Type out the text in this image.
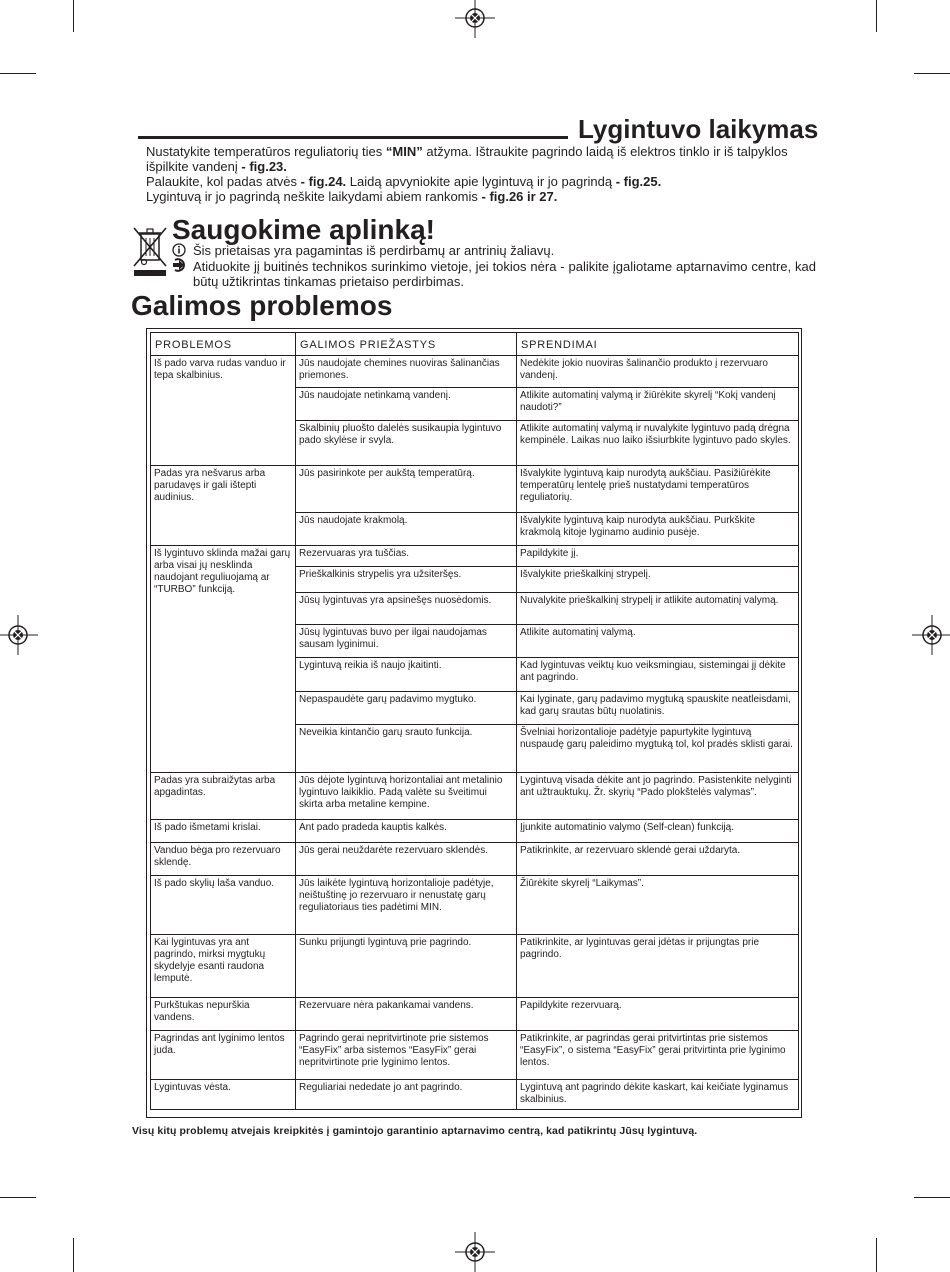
Lygintuvo laikymas
Nustatykite temperatūros reguliatorių ties “MIN” atžyma. Ištraukite pagrindo laidą iš elektros tinklo ir iš talpyklos išpilkite vandenį - fig.23.
Palaukite, kol padas atvės - fig.24. Laidą apvyniokite apie lygintuvą ir jo pagrindą - fig.25.
Lygintuvą ir jo pagrindą neškite laikydami abiem rankomis - fig.26 ir 27.
Saugokime aplinką!
Šis prietaisas yra pagamintas iš perdirbamų ar antrinių žaliavų.
Atiduokite jį buitinės technikos surinkimo vietoje, jei tokios nėra - palikite įgaliotame aptarnavimo centre, kad būtų užtikrintas tinkamas prietaiso perdirbimas.
Galimos problemos
PROBLEMOS	GALIMOS PRIEŽASTYS	SPRENDIMAI
Iš pado varva rudas vanduo ir tepa skalbinius.	Jūs naudojate chemines nuoviras šalinančias priemones.	Nedėkite jokio nuoviras šalinančio produkto į rezervuaro vandenį.
	Jūs naudojate netinkamą vandenį.	Atlikite automatinį valymą ir žiūrėkite skyrelį “Kokį vandenį naudoti?”
	Skalbinių pluošto dalelės susikaupia lygintuvo pado skylėse ir svyla.	Atlikite automatinį valymą ir nuvalykite lygintuvo padą drėgna kempinėle. Laikas nuo laiko išsiurbkite lygintuvo pado skyles.
Padas yra nešvarus arba parudavęs ir gali ištepti audinius.	Jūs pasirinkote per aukštą temperatūrą.	Išvalykite lygintuvą kaip nurodytą aukščiau. Pasižiūrėkite temperatūrų lentelę prieš nustatydami temperatūros reguliatorių.
	Jūs naudojate krakmolą.	Išvalykite lygintuvą kaip nurodyta aukščiau. Purkškite krakmolą kitoje lyginamo audinio pusėje.
Iš lygintuvo sklinda mažai garų arba visai jų nesklinda naudojant reguliuojamą ar “TURBO” funkciją.	Rezervuaras yra tuščias.	Papildykite jį.
	Prieškalkinis strypelis yra užsiteršęs.	Išvalykite prieškalkinį strypelį.
	Jūsų lygintuvas yra apsinešęs nuosėdomis.	Nuvalykite prieškalkinį strypelį ir atlikite automatinį valymą.
	Jūsų lygintuvas buvo per ilgai naudojamas sausam lyginimui.	Atlikite automatinį valymą.
	Lygintuvą reikia iš naujo įkaitinti.	Kad lygintuvas veiktų kuo veiksmingiau, sistemingai jį dėkite ant pagrindo.
	Nepaspaudėte garų padavimo mygtuko.	Kai lyginate, garų padavimo mygtuką spauskite neatleisdami, kad garų srautas būtų nuolatinis.
	Neveikia kintančio garų srauto funkcija.	Švelniai horizontalioje padėtyje papurtykite lygintuvą nuspaudę garų paleidimo mygtuką tol, kol pradės sklisti garai.
Padas yra subraižytas arba apgadintas.	Jūs dėjote lygintuvą horizontaliai ant metalinio lygintuvo laikiklio. Padą valėte su šveitimui skirta arba metaline kempine.	Lygintuvą visada dėkite ant jo pagrindo. Pasistenkite nelyginti ant užtrauktukų. Žr. skyrių “Pado plokštelės valymas”.
Iš pado išmetami krislai.	Ant pado pradeda kauptis kalkės.	Įjunkite automatinio valymo (Self-clean) funkciją.
Vanduo bėga pro rezervuaro sklendę.	Jūs gerai neuždarėte rezervuaro sklendės.	Patikrinkite, ar rezervuaro sklendė gerai uždaryta.
Iš pado skylių laša vanduo.	Jūs laikėte lygintuvą horizontalioje padėtyje, neištuštinę jo rezervuaro ir nenustatę garų reguliatoriaus ties padėtimi MIN.	Žiūrėkite skyrelį “Laikymas”.
Kai lygintuvas yra ant pagrindo, mirksi mygtukų skydelyje esanti raudona lemputė.	Sunku prijungti lygintuvą prie pagrindo.	Patikrinkite, ar lygintuvas gerai įdėtas ir prijungtas prie pagrindo.
Purkštukas nepurškia vandens.	Rezervuare nėra pakankamai vandens.	Papildykite rezervuarą.
Pagrindas ant lyginimo lentos juda.	Pagrindo gerai nepritvirtinote prie sistemos “EasyFix” arba sistemos “EasyFix” gerai nepritvirtinote prie lyginimo lentos.	Patikrinkite, ar pagrindas gerai pritvirtintas prie sistemos “EasyFix”, o sistema “EasyFix” gerai pritvirtinta prie lyginimo lentos.
Lygintuvas vėsta.	Reguliariai nededate jo ant pagrindo.	Lygintuvą ant pagrindo dėkite kaskart, kai keičiate lyginamus skalbinius.
Visų kitų problemų atvejais kreipkitės į gamintojo garantinio aptarnavimo centrą, kad patikrintų Jūsų lygintuvą.
